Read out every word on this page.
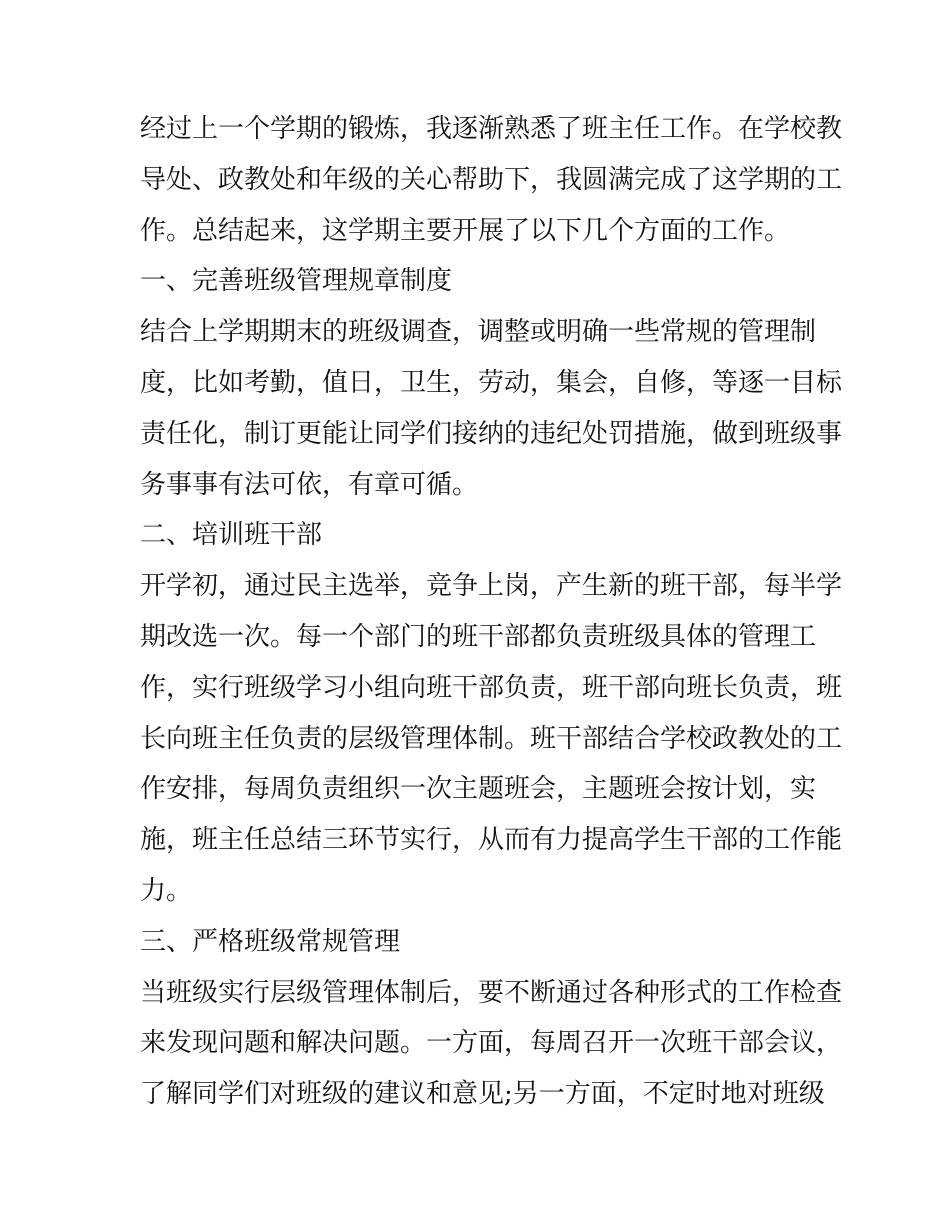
经过上一个学期的锻炼，我逐渐熟悉了班主任工作。在学校教
导处、政教处和年级的关心帮助下，我圆满完成了这学期的工
作。总结起来，这学期主要开展了以下几个方面的工作。
一、完善班级管理规章制度
结合上学期期末的班级调查，调整或明确一些常规的管理制
度，比如考勤，值日，卫生，劳动，集会，自修，等逐一目标
责任化，制订更能让同学们接纳的违纪处罚措施，做到班级事
务事事有法可依，有章可循。
二、培训班干部
开学初，通过民主选举，竞争上岗，产生新的班干部，每半学
期改选一次。每一个部门的班干部都负责班级具体的管理工
作，实行班级学习小组向班干部负责，班干部向班长负责，班
长向班主任负责的层级管理体制。班干部结合学校政教处的工
作安排，每周负责组织一次主题班会，主题班会按计划，实
施，班主任总结三环节实行，从而有力提高学生干部的工作能
力。
三、严格班级常规管理
当班级实行层级管理体制后，要不断通过各种形式的工作检查
来发现问题和解决问题。一方面，每周召开一次班干部会议，
了解同学们对班级的建议和意见;另一方面，不定时地对班级
